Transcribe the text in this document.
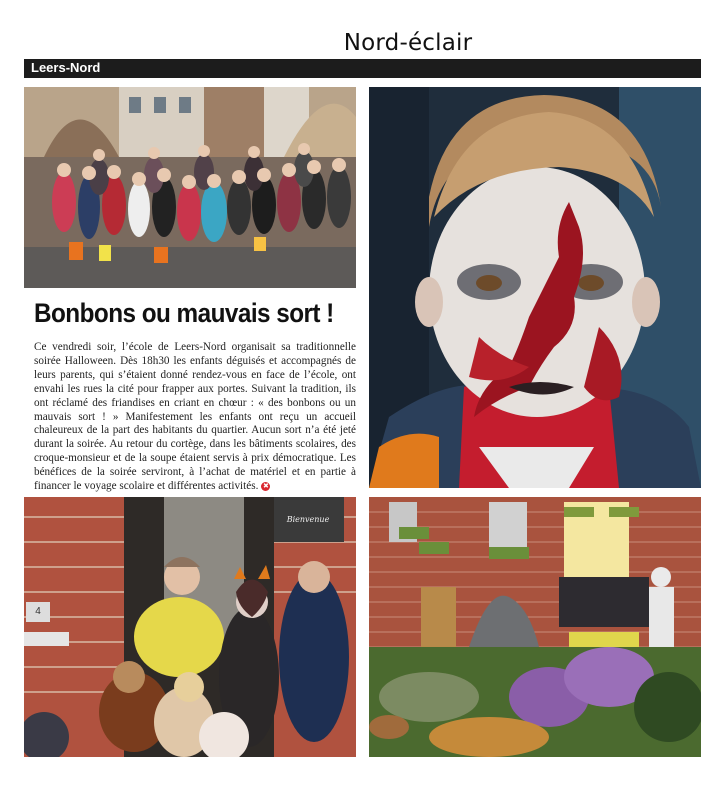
Nord-éclair
Leers-Nord
Bonbons ou mauvais sort !

Ce vendredi soir, l’école de Leers-Nord organisait sa traditionnelle soirée Halloween. Dès 18h30 les enfants déguisés et accompagnés de leurs parents, qui s’étaient donné rendez-vous en face de l’école, ont envahi les rues la cité pour frapper aux portes. Suivant la tradition, ils ont réclamé des friandises en criant en chœur : « des bonbons ou un mauvais sort ! » Manifestement les enfants ont reçu un accueil chaleureux de la part des habitants du quartier. Aucun sort n’a été jeté durant la soirée. Au retour du cortège, dans les bâtiments scolaires, des croque-monsieur et de la soupe étaient servis à prix démocratique. Les bénéfices de la soirée serviront, à l’achat de matériel et en partie à financer le voyage scolaire et différentes activités. ✖

Bienvenue
4
